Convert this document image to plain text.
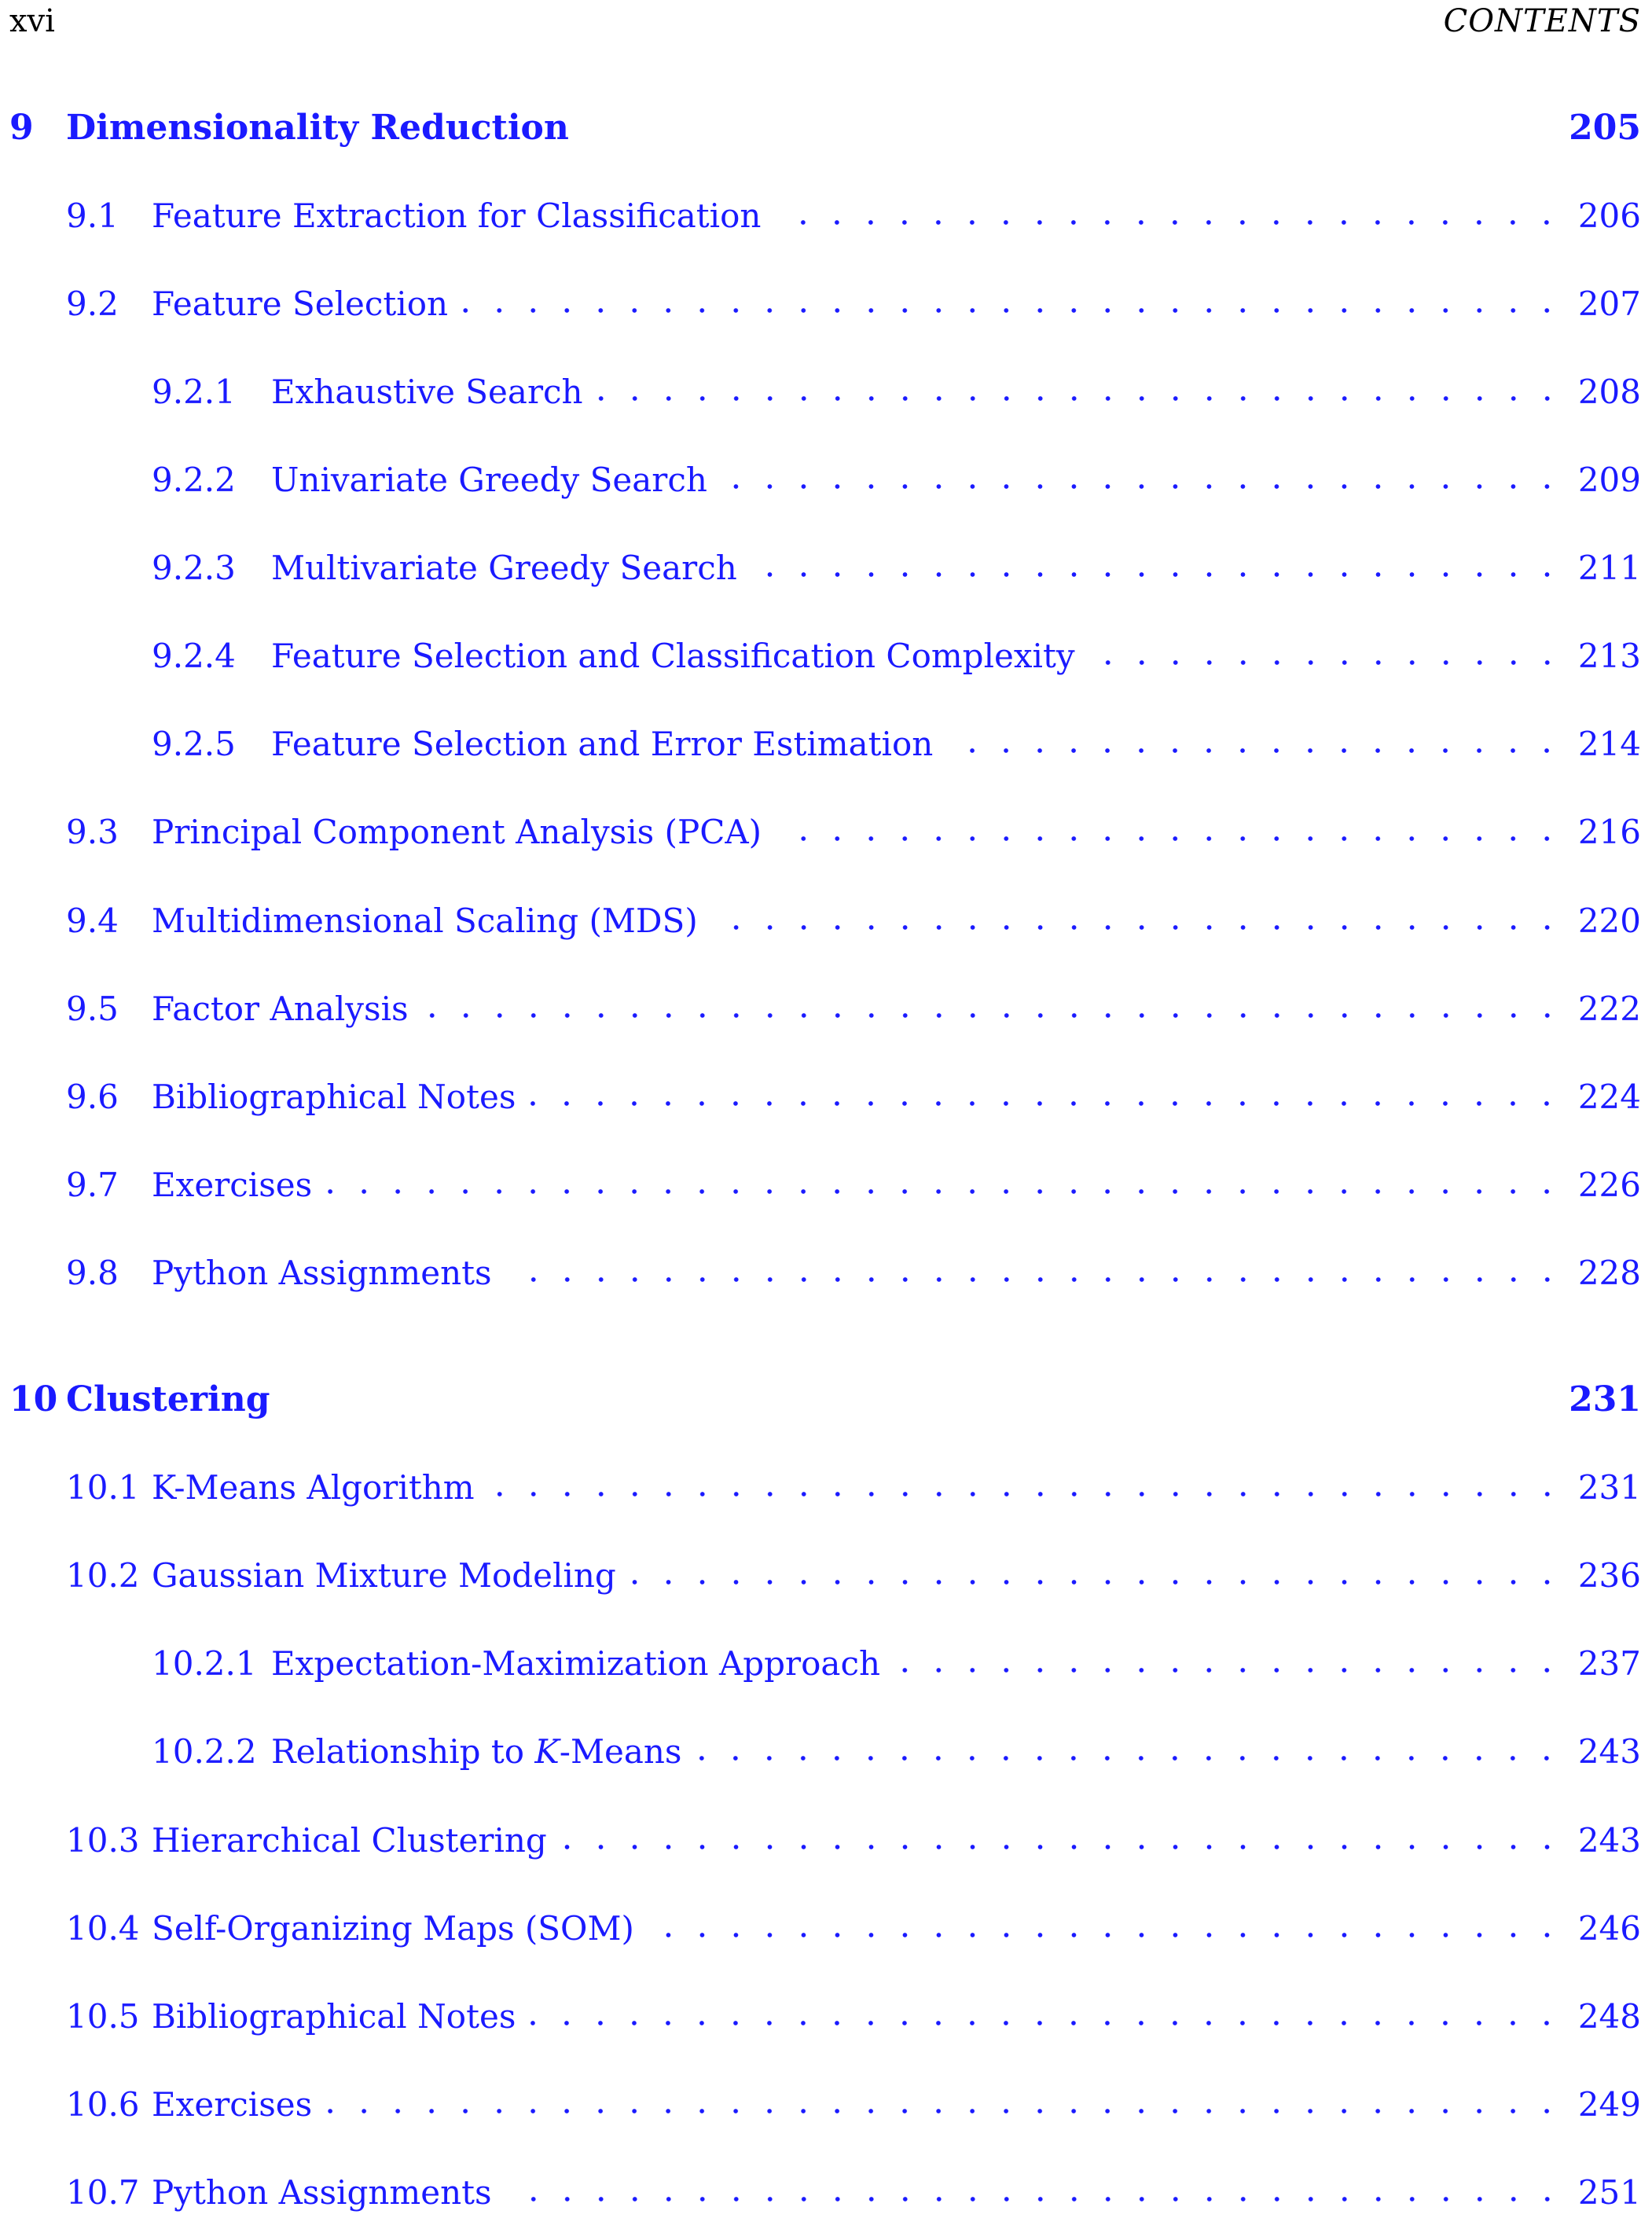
xvi	CONTENTS
9 Dimensionality Reduction	205
9.1 Feature Extraction for Classification	206
9.2 Feature Selection	207
9.2.1 Exhaustive Search	208
9.2.2 Univariate Greedy Search	209
9.2.3 Multivariate Greedy Search	211
9.2.4 Feature Selection and Classification Complexity	213
9.2.5 Feature Selection and Error Estimation	214
9.3 Principal Component Analysis (PCA)	216
9.4 Multidimensional Scaling (MDS)	220
9.5 Factor Analysis	222
9.6 Bibliographical Notes	224
9.7 Exercises	226
9.8 Python Assignments	228
10 Clustering	231
10.1 K-Means Algorithm	231
10.2 Gaussian Mixture Modeling	236
10.2.1 Expectation-Maximization Approach	237
10.2.2 Relationship to K-Means	243
10.3 Hierarchical Clustering	243
10.4 Self-Organizing Maps (SOM)	246
10.5 Bibliographical Notes	248
10.6 Exercises	249
10.7 Python Assignments	251
